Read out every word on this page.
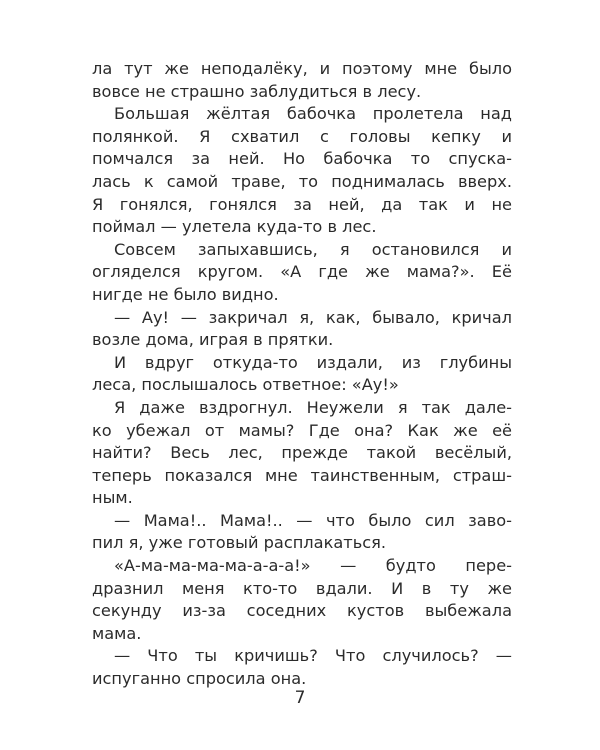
ла тут же неподалёку, и поэтому мне было
вовсе не страшно заблудиться в лесу.
Большая жёлтая бабочка пролетела над
полянкой. Я схватил с головы кепку и
помчался за ней. Но бабочка то спуска-
лась к самой траве, то поднималась вверх.
Я гонялся, гонялся за ней, да так и не
поймал — улетела куда-то в лес.
Совсем запыхавшись, я остановился и
огляделся кругом. «А где же мама?». Её
нигде не было видно.
— Ау! — закричал я, как, бывало, кричал
возле дома, играя в прятки.
И вдруг откуда-то издали, из глубины
леса, послышалось ответное: «Ау!»
Я даже вздрогнул. Неужели я так дале-
ко убежал от мамы? Где она? Как же её
найти? Весь лес, прежде такой весёлый,
теперь показался мне таинственным, страш-
ным.
— Мама!.. Мама!.. — что было сил заво-
пил я, уже готовый расплакаться.
«А-ма-ма-ма-ма-а-а-а!» — будто пере-
дразнил меня кто-то вдали. И в ту же
секунду из-за соседних кустов выбежала
мама.
— Что ты кричишь? Что случилось? —
испуганно спросила она.
7
